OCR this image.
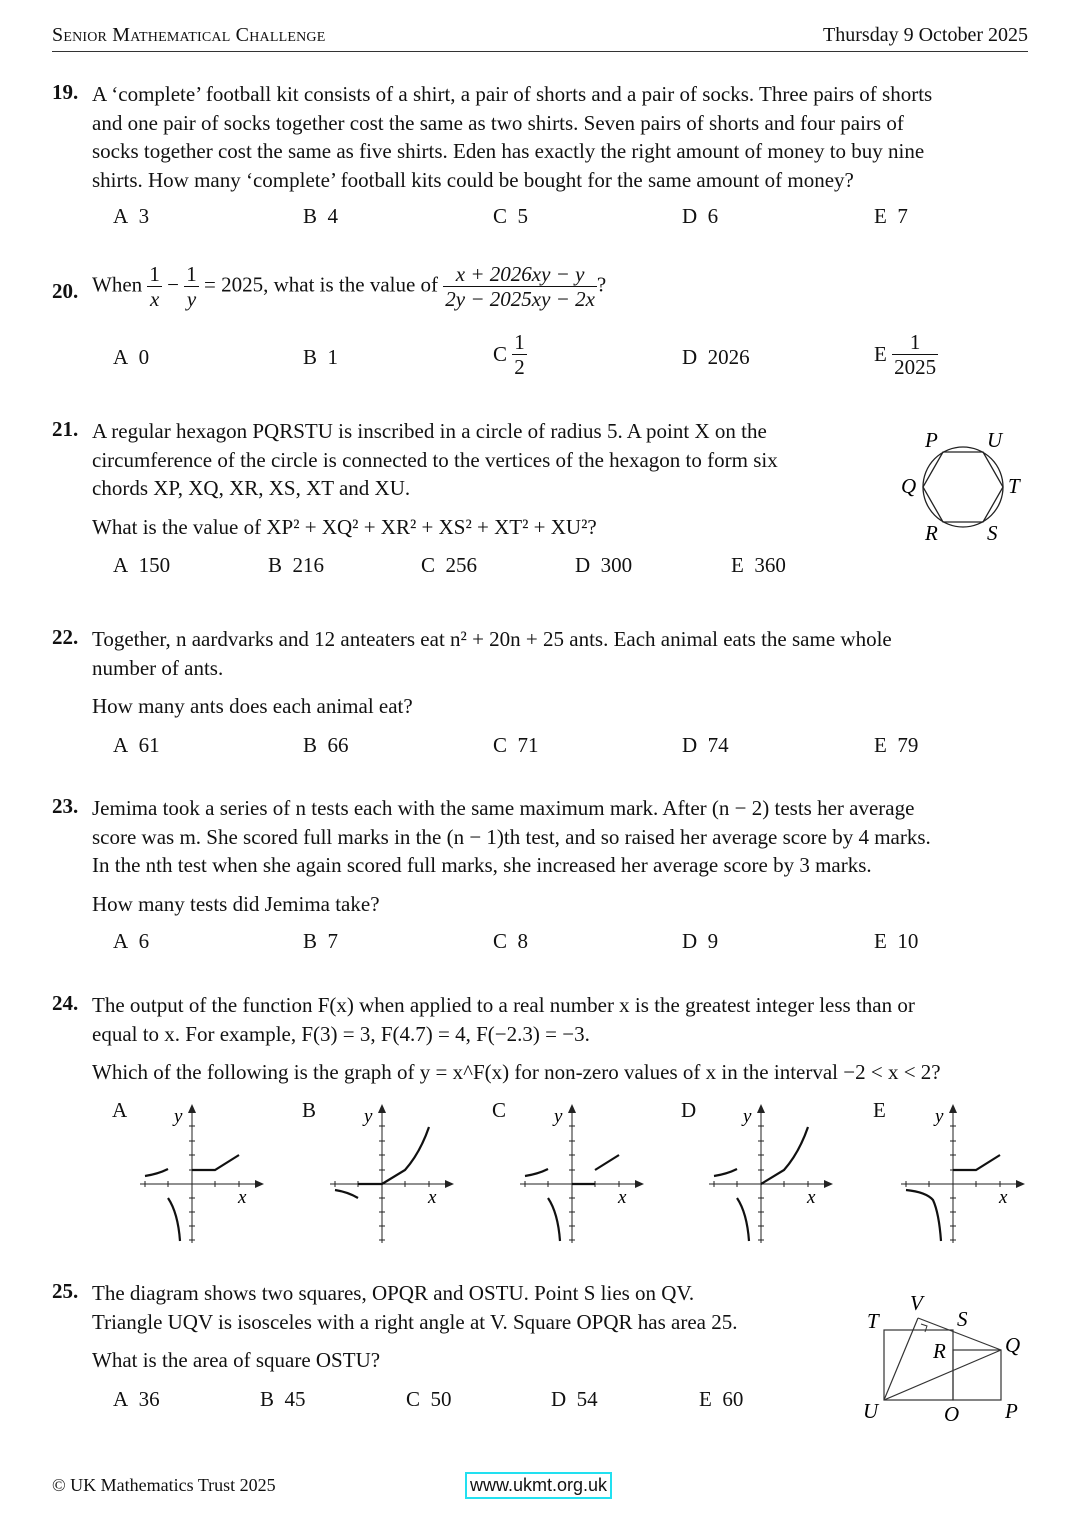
Senior Mathematical Challenge	Thursday 9 October 2025
19. A ‘complete’ football kit consists of a shirt, a pair of shorts and a pair of socks. Three pairs of shorts
and one pair of socks together cost the same as two shirts. Seven pairs of shorts and four pairs of
socks together cost the same as five shirts. Eden has exactly the right amount of money to buy nine
shirts. How many ‘complete’ football kits could be bought for the same amount of money?
A 3	B 4	C 5	D 6	E 7
20. When $\frac{1}{x} - \frac{1}{y} = 2025$, what is the value of $\frac{x + 2026xy - y}{2y - 2025xy - 2x}$ ?
A 0	B 1	C $\frac{1}{2}$	D 2026	E $\frac{1}{2025}$
21. A regular hexagon PQRSTU is inscribed in a circle of radius 5. A point X on the
circumference of the circle is connected to the vertices of the hexagon to form six
chords XP, XQ, XR, XS, XT and XU.
What is the value of XP² + XQ² + XR² + XS² + XT² + XU²?
P U
Q	T
R S
A 150	B 216	C 256	D 300	E 360
22. Together, n aardvarks and 12 anteaters eat n² + 20n + 25 ants. Each animal eats the same whole
number of ants.
How many ants does each animal eat?
A 61	B 66	C 71	D 74	E 79
23. Jemima took a series of n tests each with the same maximum mark. After (n − 2) tests her average
score was m. She scored full marks in the (n − 1)th test, and so raised her average score by 4 marks.
In the nth test when she again scored full marks, she increased her average score by 3 marks.
How many tests did Jemima take?
A 6	B 7	C 8	D 9	E 10
24. The output of the function F(x) when applied to a real number x is the greatest integer less than or
equal to x. For example, F(3) = 3, F(4.7) = 4, F(−2.3) = −3.
Which of the following is the graph of y = x^F(x) for non-zero values of x in the interval −2 < x < 2?
A y
x
B	y
x
C	y
x
D y
x
E	y
x
25. The diagram shows two squares, OPQR and OSTU. Point S lies on QV.
Triangle UQV is isosceles with a right angle at V. Square OPQR has area 25.
What is the area of square OSTU?
V
T	S
R	Q
U	O P
A 36	B 45	C 50	D 54	E 60
© UK Mathematics Trust 2025	www.ukmt.org.uk
